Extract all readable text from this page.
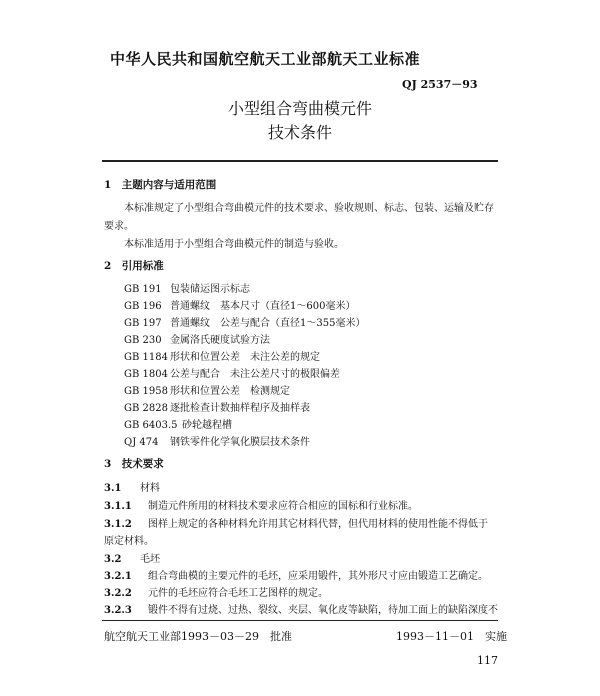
中华人民共和国航空航天工业部航天工业标准
QJ 2537－93
小型组合弯曲模元件
技术条件
1　主题内容与适用范围
本标准规定了小型组合弯曲模元件的技术要求、验收规则、标志、包装、运输及贮存
要求。
本标准适用于小型组合弯曲模元件的制造与验收。
2　引用标准
GB 191 包装储运图示标志
GB 196 普通螺纹　基本尺寸（直径1～600毫米）
GB 197 普通螺纹　公差与配合（直径1～355毫米）
GB 230 金属洛氏硬度试验方法
GB 1184 形状和位置公差　未注公差的规定
GB 1804 公差与配合　未注公差尺寸的极限偏差
GB 1958 形状和位置公差　检测规定
GB 2828 逐批检查计数抽样程序及抽样表
GB 6403.5 砂轮越程槽
QJ 474 钢铁零件化学氧化膜层技术条件
3　技术要求
3.1 材料
3.1.1 制造元件所用的材料技术要求应符合相应的国标和行业标准。
3.1.2 图样上规定的各种材料允许用其它材料代替，但代用材料的使用性能不得低于
原定材料。
3.2 毛坯
3.2.1 组合弯曲模的主要元件的毛坯，应采用锻件，其外形尺寸应由锻造工艺确定。
3.2.2 元件的毛坯应符合毛坯工艺图样的规定。
3.2.3 锻件不得有过烧、过热、裂纹、夹层、氧化皮等缺陷，待加工面上的缺陷深度不
航空航天工业部1993－03－29　批准	1993－11－01　实施
117
